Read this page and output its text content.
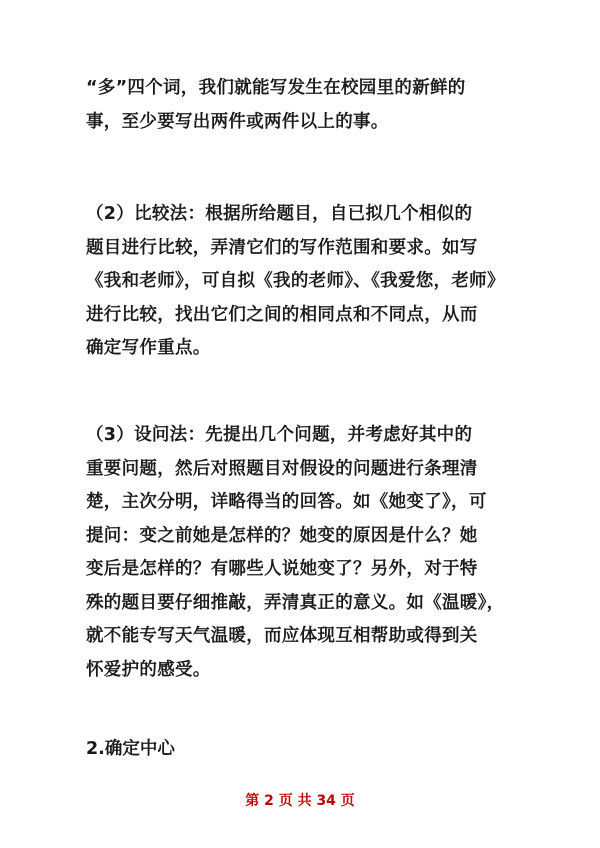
“多”四个词，我们就能写发生在校园里的新鲜的
事，至少要写出两件或两件以上的事。
（2）比较法：根据所给题目，自已拟几个相似的
题目进行比较，弄清它们的写作范围和要求。如写
《我和老师》，可自拟《我的老师》、《我爱您，老师》
进行比较，找出它们之间的相同点和不同点，从而
确定写作重点。
（3）设问法：先提出几个问题，并考虑好其中的
重要问题，然后对照题目对假设的问题进行条理清
楚，主次分明，详略得当的回答。如《她变了》，可
提问：变之前她是怎样的？她变的原因是什么？她
变后是怎样的？有哪些人说她变了？另外，对于特
殊的题目要仔细推敲，弄清真正的意义。如《温暖》，
就不能专写天气温暖，而应体现互相帮助或得到关
怀爱护的感受。
2.确定中心
第 2 页 共 34 页
